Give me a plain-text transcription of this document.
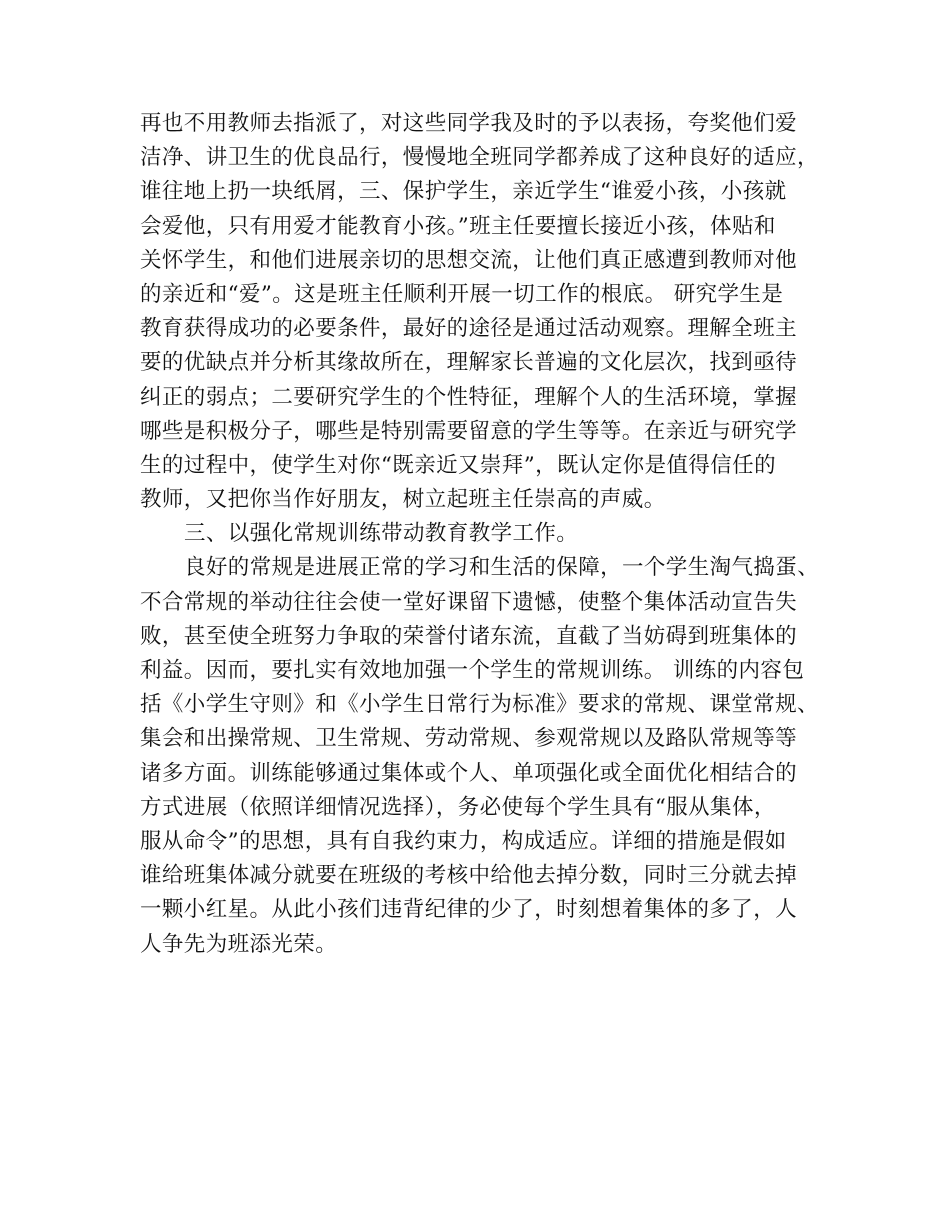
再也不用教师去指派了，对这些同学我及时的予以表扬，夸奖他们爱
洁净、讲卫生的优良品行，慢慢地全班同学都养成了这种良好的适应，
谁往地上扔一块纸屑，三、保护学生，亲近学生“谁爱小孩，小孩就
会爱他，只有用爱才能教育小孩。”班主任要擅长接近小孩，体贴和
关怀学生，和他们进展亲切的思想交流，让他们真正感遭到教师对他
的亲近和“爱”。这是班主任顺利开展一切工作的根底。 研究学生是
教育获得成功的必要条件，最好的途径是通过活动观察。理解全班主
要的优缺点并分析其缘故所在，理解家长普遍的文化层次，找到亟待
纠正的弱点；二要研究学生的个性特征，理解个人的生活环境，掌握
哪些是积极分子，哪些是特别需要留意的学生等等。在亲近与研究学
生的过程中，使学生对你“既亲近又崇拜”，既认定你是值得信任的
教师，又把你当作好朋友，树立起班主任崇高的声威。
三、以强化常规训练带动教育教学工作。
良好的常规是进展正常的学习和生活的保障，一个学生淘气捣蛋、
不合常规的举动往往会使一堂好课留下遗憾，使整个集体活动宣告失
败，甚至使全班努力争取的荣誉付诸东流，直截了当妨碍到班集体的
利益。因而，要扎实有效地加强一个学生的常规训练。 训练的内容包
括《小学生守则》和《小学生日常行为标准》要求的常规、课堂常规、
集会和出操常规、卫生常规、劳动常规、参观常规以及路队常规等等
诸多方面。训练能够通过集体或个人、单项强化或全面优化相结合的
方式进展（依照详细情况选择），务必使每个学生具有“服从集体，
服从命令”的思想，具有自我约束力，构成适应。详细的措施是假如
谁给班集体减分就要在班级的考核中给他去掉分数，同时三分就去掉
一颗小红星。从此小孩们违背纪律的少了，时刻想着集体的多了，人
人争先为班添光荣。
